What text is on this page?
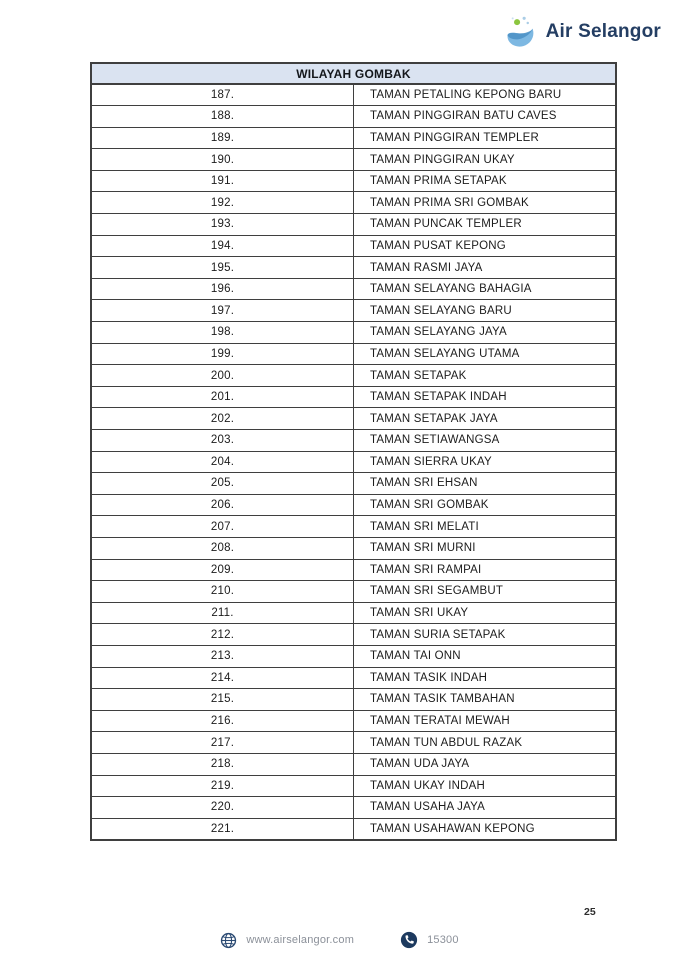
Air Selangor
WILAYAH GOMBAK	
187.	TAMAN PETALING KEPONG BARU
188.	TAMAN PINGGIRAN BATU CAVES
189.	TAMAN PINGGIRAN TEMPLER
190.	TAMAN PINGGIRAN UKAY
191.	TAMAN PRIMA SETAPAK
192.	TAMAN PRIMA SRI GOMBAK
193.	TAMAN PUNCAK TEMPLER
194.	TAMAN PUSAT KEPONG
195.	TAMAN RASMI JAYA
196.	TAMAN SELAYANG BAHAGIA
197.	TAMAN SELAYANG BARU
198.	TAMAN SELAYANG JAYA
199.	TAMAN SELAYANG UTAMA
200.	TAMAN SETAPAK
201.	TAMAN SETAPAK INDAH
202.	TAMAN SETAPAK JAYA
203.	TAMAN SETIAWANGSA
204.	TAMAN SIERRA UKAY
205.	TAMAN SRI EHSAN
206.	TAMAN SRI GOMBAK
207.	TAMAN SRI MELATI
208.	TAMAN SRI MURNI
209.	TAMAN SRI RAMPAI
210.	TAMAN SRI SEGAMBUT
211.	TAMAN SRI UKAY
212.	TAMAN SURIA SETAPAK
213.	TAMAN TAI ONN
214.	TAMAN TASIK INDAH
215.	TAMAN TASIK TAMBAHAN
216.	TAMAN TERATAI MEWAH
217.	TAMAN TUN ABDUL RAZAK
218.	TAMAN UDA JAYA
219.	TAMAN UKAY INDAH
220.	TAMAN USAHA JAYA
221.	TAMAN USAHAWAN KEPONG
25
www.airselangor.com	15300
